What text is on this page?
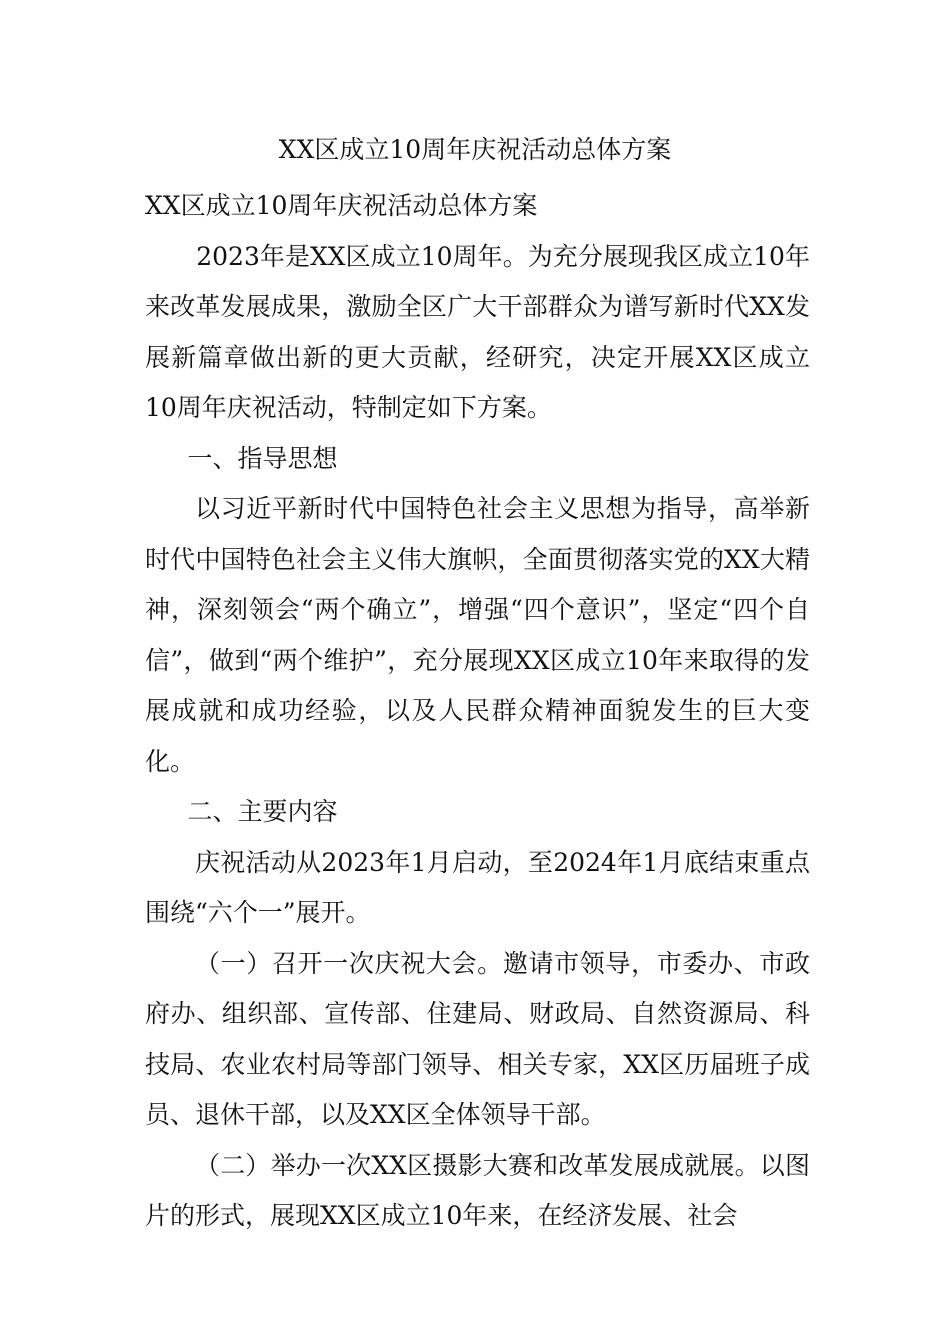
XX区成立10周年庆祝活动总体方案

XX区成立10周年庆祝活动总体方案

2023年是XX区成立10周年。为充分展现我区成立10年来改革发展成果，激励全区广大干部群众为谱写新时代XX发展新篇章做出新的更大贡献，经研究，决定开展XX区成立10周年庆祝活动，特制定如下方案。

一、指导思想

以习近平新时代中国特色社会主义思想为指导，高举新时代中国特色社会主义伟大旗帜，全面贯彻落实党的XX大精神，深刻领会“两个确立”，增强“四个意识”，坚定“四个自信”，做到“两个维护”，充分展现XX区成立10年来取得的发展成就和成功经验，以及人民群众精神面貌发生的巨大变化。

二、主要内容

庆祝活动从2023年1月启动，至2024年1月底结束重点围绕“六个一”展开。

（一）召开一次庆祝大会。邀请市领导，市委办、市政府办、组织部、宣传部、住建局、财政局、自然资源局、科技局、农业农村局等部门领导、相关专家，XX区历届班子成员、退休干部，以及XX区全体领导干部。

（二）举办一次XX区摄影大赛和改革发展成就展。以图片的形式，展现XX区成立10年来，在经济发展、社会
